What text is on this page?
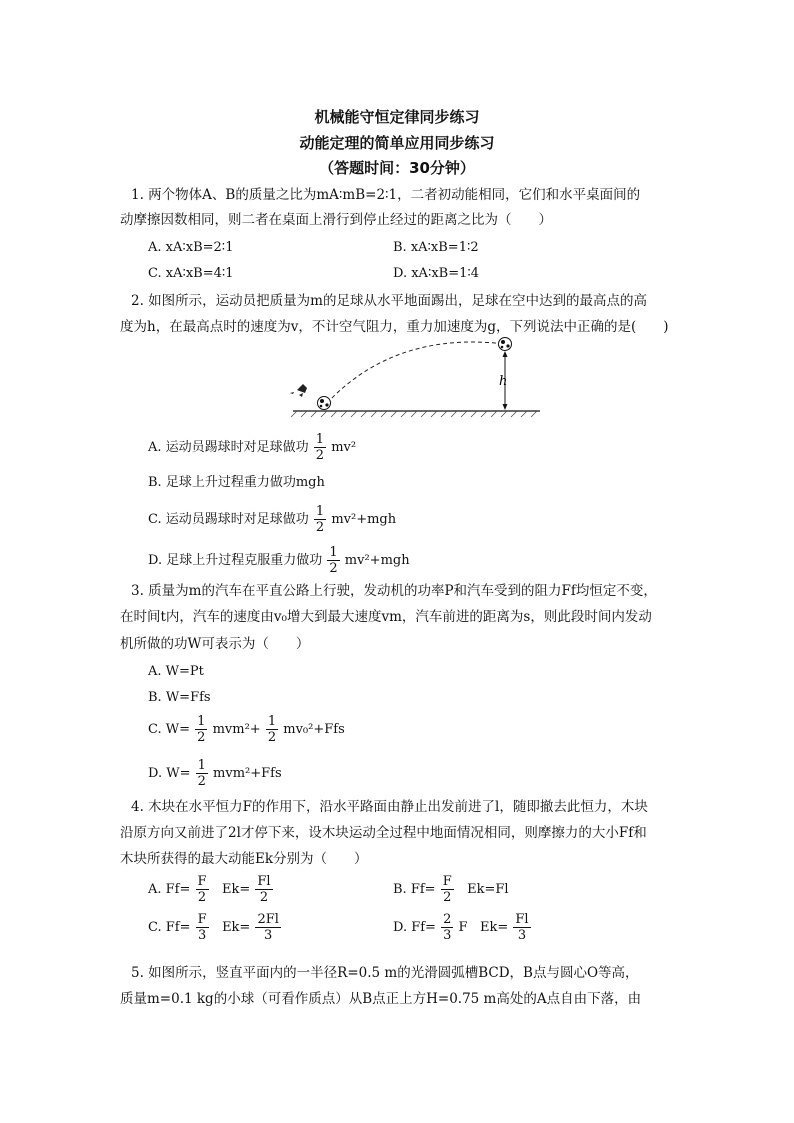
机械能守恒定律同步练习
动能定理的简单应用同步练习
（答题时间：30分钟）
1. 两个物体A、B的质量之比为mA∶mB=2∶1，二者初动能相同，它们和水平桌面间的
动摩擦因数相同，则二者在桌面上滑行到停止经过的距离之比为（　　）
A. xA∶xB=2∶1	B. xA∶xB=1∶2
C. xA∶xB=4∶1	D. xA∶xB=1∶4
2. 如图所示，运动员把质量为m的足球从水平地面踢出，足球在空中达到的最高点的高
度为h，在最高点时的速度为v，不计空气阻力，重力加速度为g，下列说法中正确的是(　　)
h
A. 运动员踢球时对足球做功 $\frac{1}{2} mv^2$
B. 足球上升过程重力做功mgh
C. 运动员踢球时对足球做功 $\frac{1}{2} mv^2+mgh$
D. 足球上升过程克服重力做功 $\frac{1}{2} mv^2+mgh$
3. 质量为m的汽车在平直公路上行驶，发动机的功率P和汽车受到的阻力Ff均恒定不变，
在时间t内，汽车的速度由v₀增大到最大速度vm，汽车前进的距离为s，则此段时间内发动
机所做的功W可表示为（　　）
A. W=Pt
B. W=Ffs
C. $W= \frac{1}{2} mvm^2+ \frac{1}{2} mv_0^2+Ffs$
D. $W= \frac{1}{2} mvm^2+Ffs$
4. 木块在水平恒力F的作用下，沿水平路面由静止出发前进了l，随即撤去此恒力，木块
沿原方向又前进了2l才停下来，设木块运动全过程中地面情况相同，则摩擦力的大小Ff和
木块所获得的最大动能Ek分别为（　　）
A. $Ff= \frac{F}{2} Ek= \frac{Fl}{2}$	B. $Ff= \frac{F}{2} Ek=Fl$
C. $Ff= \frac{F}{3} Ek= \frac{2Fl}{3}$	D. $Ff= \frac{2}{3}$ F $Ek= \frac{Fl}{3}$
5. 如图所示，竖直平面内的一半径R=0.5 m的光滑圆弧槽BCD，B点与圆心O等高，
质量m=0.1 kg的小球（可看作质点）从B点正上方H=0.75 m高处的A点自由下落，由
